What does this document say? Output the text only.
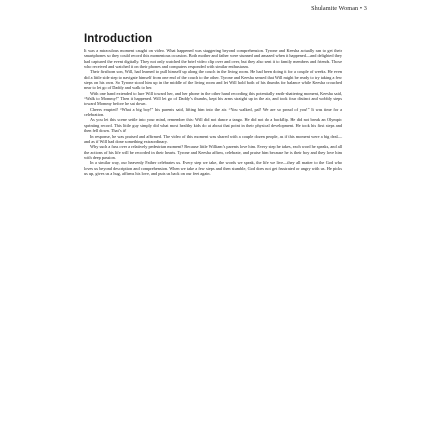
Shulamite Woman • 3
Introduction

It was a miraculous moment caught on video. What happened was staggering beyond comprehension. Tyrone and Keesha actually ran to get their smartphones so they could record this momentous occasion. Both mother and father were stunned and amazed when it happened—and delighted they had captured the event digitally. They not only watched the brief video clip over and over, but they also sent it to family members and friends. Those who received and watched it on their phones and computers responded with similar enthusiasm.

Their firstborn son, Will, had learned to pull himself up along the couch in the living room. He had been doing it for a couple of weeks. He even did a little side step to navigate himself from one end of the couch to the other. Tyrone and Keesha sensed that Will might be ready to try taking a few steps on his own. So Tyrone stood him up in the middle of the living room and let Will hold both of his thumbs for balance while Keesha crouched near to let go of Daddy and walk to her.

With one hand extended to lure Will toward her, and her phone in the other hand recording this potentially earth-shattering moment, Keesha said, “Walk to Mommy!” Then it happened. Will let go of Daddy’s thumbs, kept his arms straight up in the air, and took four distinct and wobbly steps toward Mommy before he sat down.

Cheers erupted! “What a big boy!” his parents said, lifting him into the air. “You walked, pal! We are so proud of you!” It was time for a celebration.

As you let this scene settle into your mind, remember this: Will did not dance a tango. He did not do a backflip. He did not break an Olympic sprinting record. This little guy simply did what most healthy kids do at about that point in their physical development. He took his first steps and then fell down. That’s it!

In response, he was praised and affirmed. The video of this moment was shared with a couple dozen people, as if this moment were a big deal—and as if Will had done something extraordinary.

Why such a fuss over a relatively pedestrian moment? Because little William’s parents love him. Every step he takes, each word he speaks, and all the actions of his life will be recorded in their hearts. Tyrone and Keesha affirm, celebrate, and praise him because he is their boy and they love him with deep passion.

In a similar way, our heavenly Father celebrates us. Every step we take, the words we speak, the life we live—they all matter to the God who loves us beyond description and comprehension. When we take a few steps and then stumble, God does not get frustrated or angry with us. He picks us up, gives us a hug, affirms his love, and puts us back on our feet again.
